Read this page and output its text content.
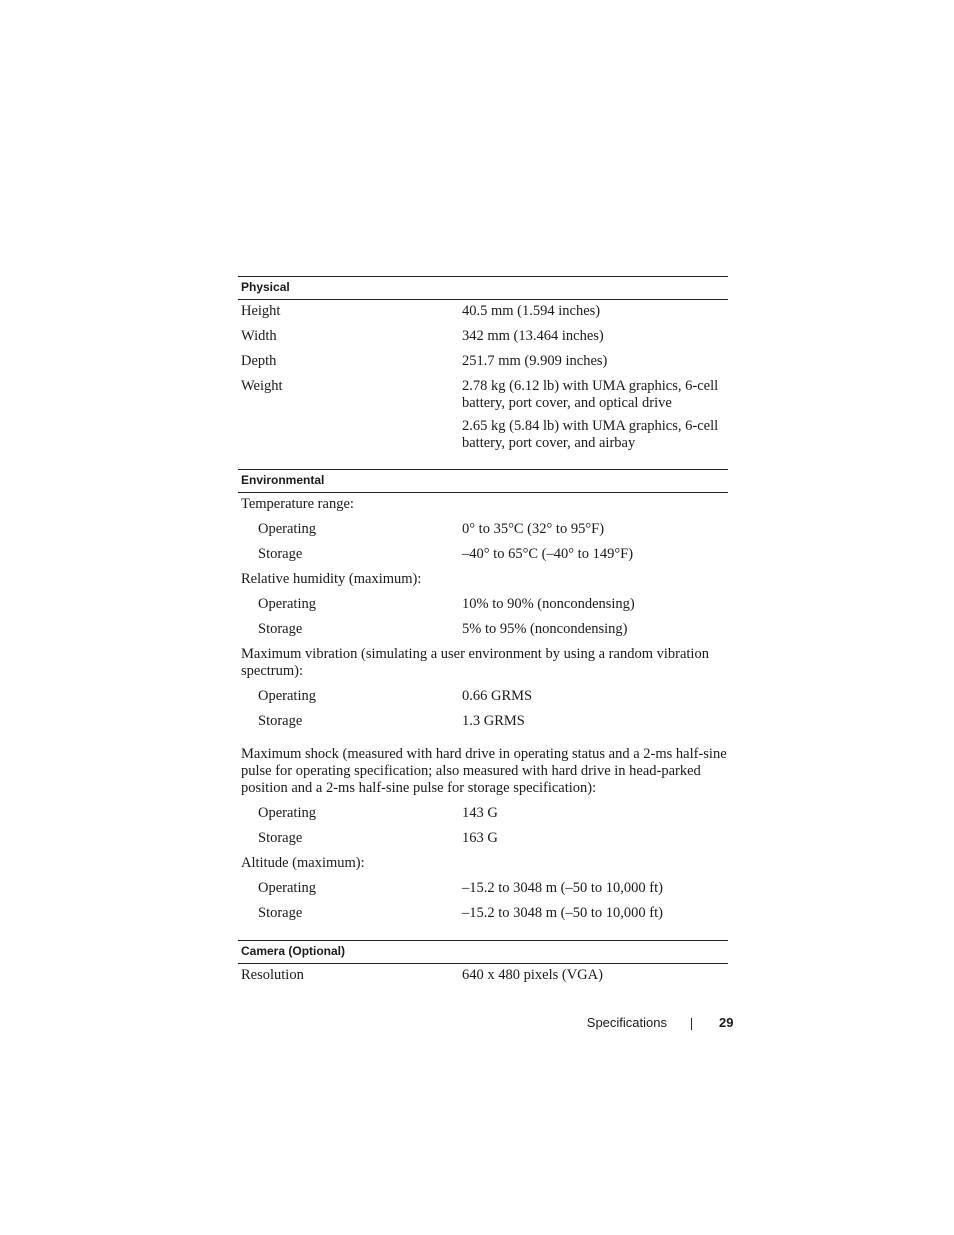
Physical
Height	40.5 mm (1.594 inches)
Width	342 mm (13.464 inches)
Depth	251.7 mm (9.909 inches)
Weight	2.78 kg (6.12 lb) with UMA graphics, 6-cell battery, port cover, and optical drive
2.65 kg (5.84 lb) with UMA graphics, 6-cell battery, port cover, and airbay
Environmental
Temperature range:
Operating	0° to 35°C (32° to 95°F)
Storage	–40° to 65°C (–40° to 149°F)
Relative humidity (maximum):
Operating	10% to 90% (noncondensing)
Storage	5% to 95% (noncondensing)
Maximum vibration (simulating a user environment by using a random vibration spectrum):
Operating	0.66 GRMS
Storage	1.3 GRMS
Maximum shock (measured with hard drive in operating status and a 2-ms half-sine pulse for operating specification; also measured with hard drive in head-parked position and a 2-ms half-sine pulse for storage specification):
Operating	143 G
Storage	163 G
Altitude (maximum):
Operating	–15.2 to 3048 m (–50 to 10,000 ft)
Storage	–15.2 to 3048 m (–50 to 10,000 ft)
Camera (Optional)
Resolution	640 x 480 pixels (VGA)
Specifications	29
